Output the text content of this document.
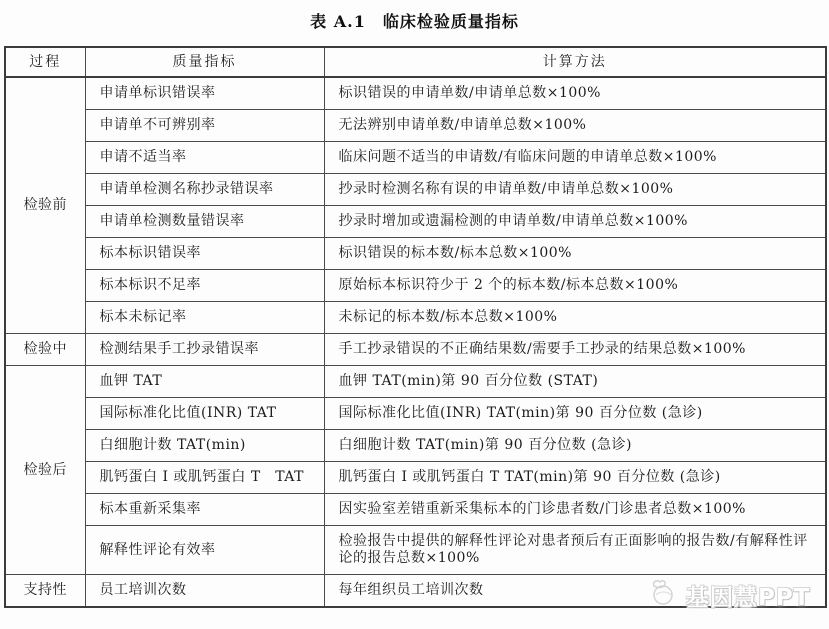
表 A.1　临床检验质量指标
过程	质量指标	计算方法
检验前	申请单标识错误率	标识错误的申请单数/申请单总数×100%
	申请单不可辨别率	无法辨别申请单数/申请单总数×100%
	申请不适当率	临床问题不适当的申请数/有临床问题的申请单总数×100%
	申请单检测名称抄录错误率	抄录时检测名称有误的申请单数/申请单总数×100%
	申请单检测数量错误率	抄录时增加或遗漏检测的申请单数/申请单总数×100%
	标本标识错误率	标识错误的标本数/标本总数×100%
	标本标识不足率	原始标本标识符少于 2 个的标本数/标本总数×100%
	标本未标记率	未标记的标本数/标本总数×100%
检验中	检测结果手工抄录错误率	手工抄录错误的不正确结果数/需要手工抄录的结果总数×100%
检验后	血钾 TAT	血钾 TAT(min)第 90 百分位数 (STAT)
	国际标准化比值(INR) TAT	国际标准化比值(INR) TAT(min)第 90 百分位数 (急诊)
	白细胞计数 TAT(min)	白细胞计数 TAT(min)第 90 百分位数 (急诊)
	肌钙蛋白 I 或肌钙蛋白 T　TAT	肌钙蛋白 I 或肌钙蛋白 T TAT(min)第 90 百分位数 (急诊)
	标本重新采集率	因实验室差错重新采集标本的门诊患者数/门诊患者总数×100%
	解释性评论有效率	检验报告中提供的解释性评论对患者预后有正面影响的报告数/有解释性评论的报告总数×100%
支持性	员工培训次数	每年组织员工培训次数	基因慧PPT
